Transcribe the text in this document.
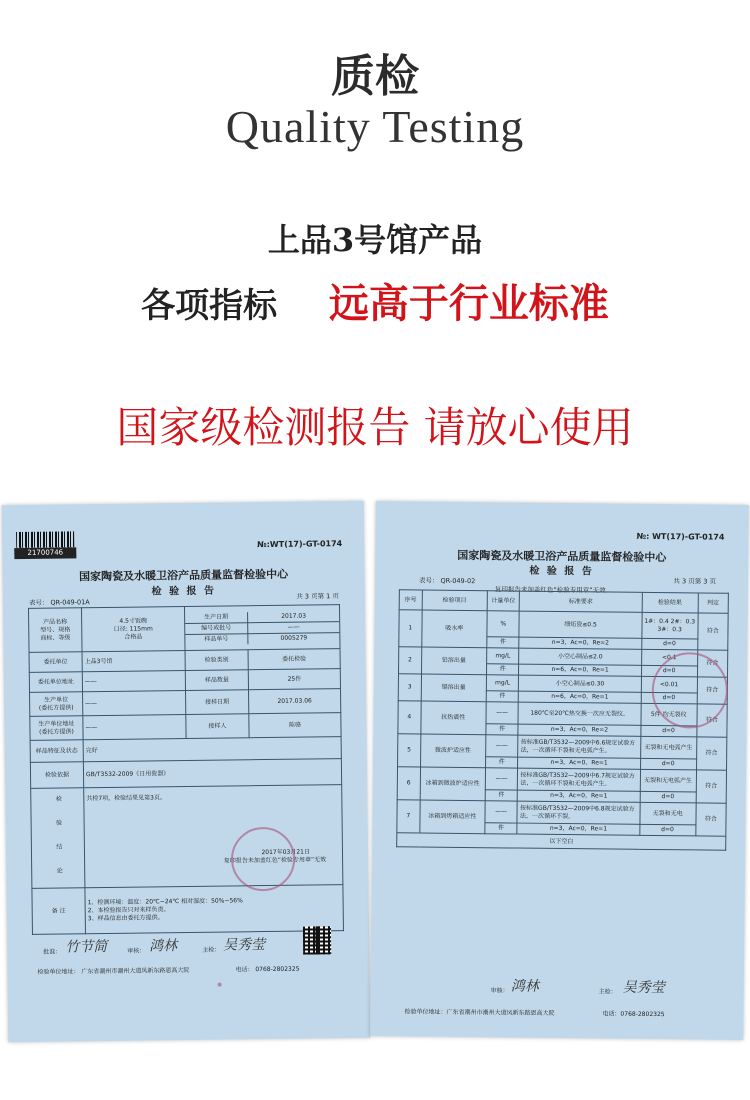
质检
Quality Testing
上品3号馆产品
各项指标 远高于行业标准
国家级检测报告 请放心使用
21700746
№:WT(17)-GT-0174
国家陶瓷及水暖卫浴产品质量监督检验中心
检 验 报 告
表号： QR-049-01A
共 3 页第 1 页
产品名称
型号、规格
商标、等级

4.5寸饭碗
口径: 115mm
合格品

生产日期	2017.03
编号或批号	——
样品单号	0005279

委托单位	上品3号馆	检验类别	委托检验
委托单位地址	——	样品数量	25件

生产单位
(委托方提供)
	——	接样日期	2017.03.06

生产单位地址
(委托方提供)
	——	接样人	陈骆
样品特征及状态	完好
检验依据	GB/T3532-2009《日用瓷器》
检 验 结 论	共检7项，检验结果见第3页。
2017年03月21日
复印报告未加盖红色“检验专用章”无效

备 注	
1、检测环境：温度：20℃~24℃ 相对湿度：50%~56%
2、本检验报告只对来样负责。
3、样品信息由委托方提供。
批准： 竹节简	审核： 鸿林	主检： 吴秀莹
检验单位地址： 广东省潮州市潮州大道凤新东路恩高大院	电话： 0768-2802325
№: WT(17)-GT-0174
国家陶瓷及水暖卫浴产品质量监督检验中心
检 验 报 告
表号： QR-049-02	共 3 页第 3 页
复印报告未加盖红色“检验专用章”无效
序号	检验项目	计量单位	标准要求	检验结果	判定
1	吸水率	%	细炻瓷≤0.5	1#：0.4 2#：0.3 3#：0.3	符合
		件	n=3，Ac=0，Re=2	d=0	
2	铅溶出量	mg/L	小空心制品≤2.0	<0.1	符合
		件	n=6，Ac=0，Re=1	d=0	
3	镉溶出量	mg/L	小空心制品≤0.30	<0.01	符合
		件	n=6，Ac=0，Re=1	d=0	
4	抗热震性	——	180℃至20℃热交换一次应无裂纹。	5件 均无裂纹	符合
		件	n=3，Ac=0，Re=2	d=0	
5	微波炉适应性	——	按标准GB/T3532—2009中6.6规定试验方法，一次循环不裂和无电弧产生。	无裂和无电弧产生	符合
		件	n=3，Ac=0，Re=1	d=0	
6	冰箱到微波炉适应性	——	按标准GB/T3532—2009中6.7规定试验方法，一次循环不裂和无电弧产生。	无裂和无电弧产生	符合
		件	n=3，Ac=0，Re=1	d=0	
7	冰箱到烤箱适应性	——	按标准GB/T3532—2009中6.8规定试验方法，一次循环不裂。	无裂和无电	符合
		件	n=3，Ac=0，Re=1	d=0	
以下空白					
审核： 鸿林	主检： 吴秀莹
检验单位地址：广东省潮州市潮州大道凤新东路恩高大院	电话：0768-2802325
